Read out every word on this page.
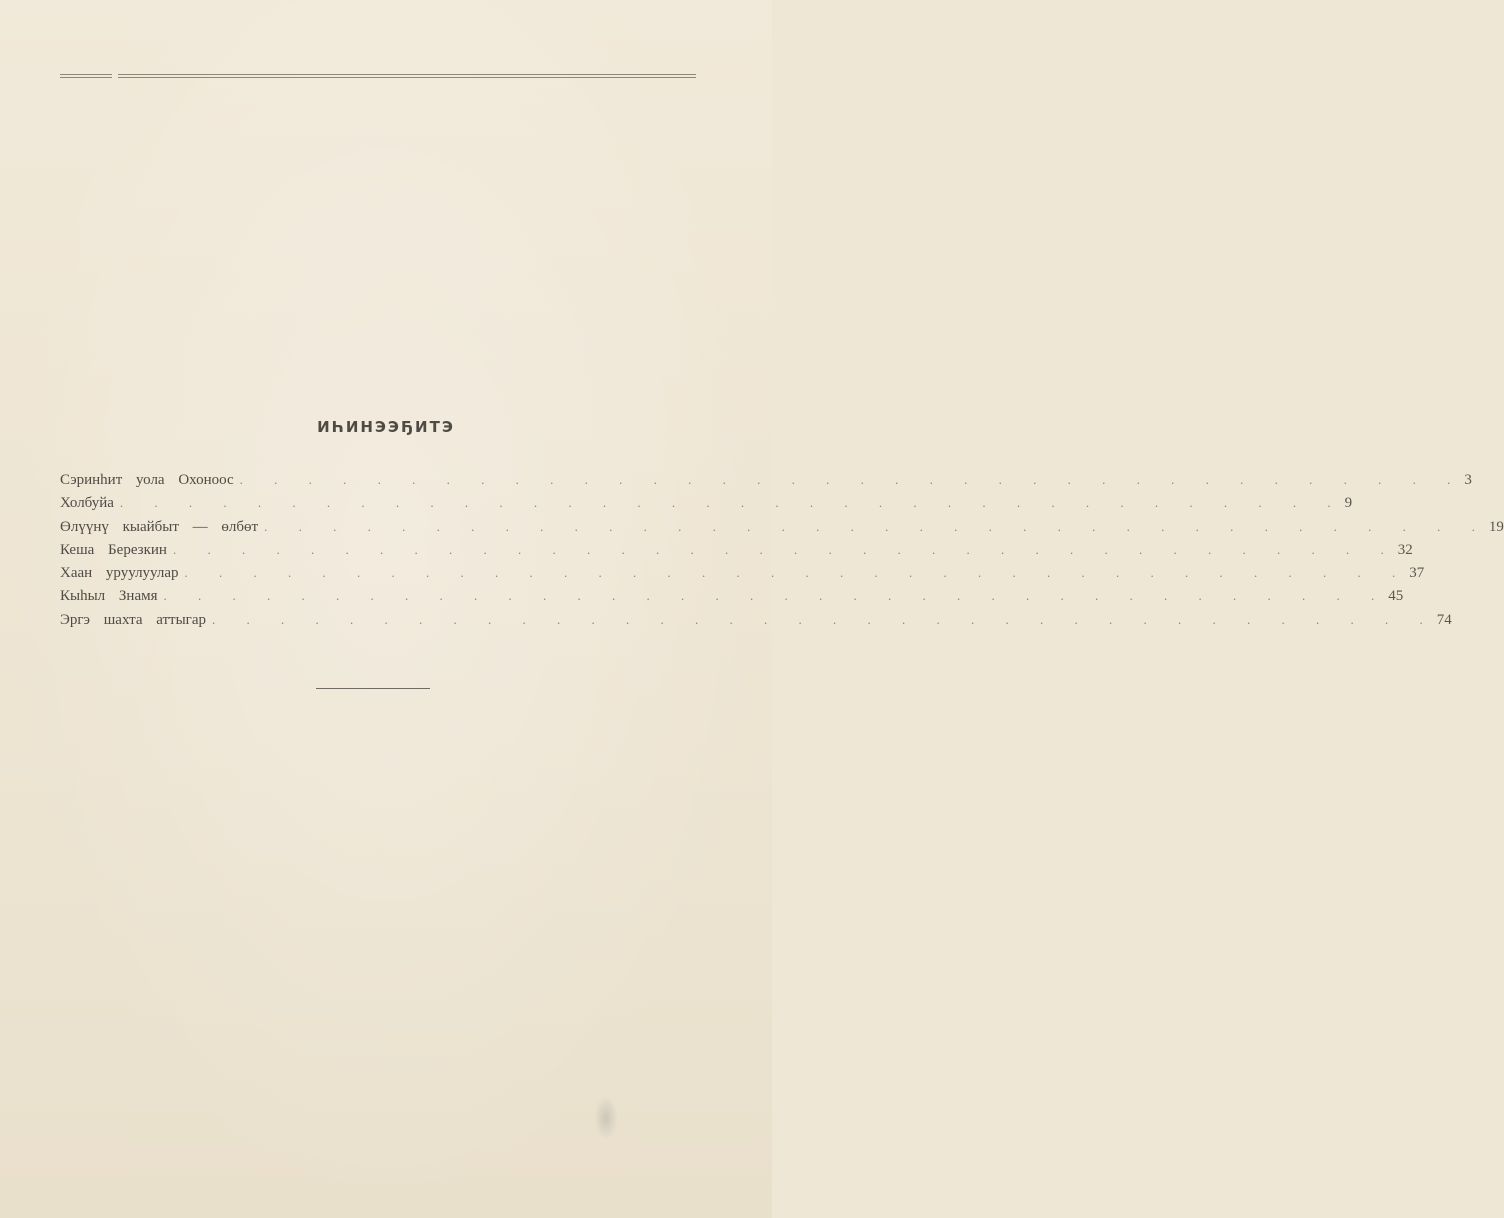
ИҺИНЭЭҔИТЭ
Сэринһит уола Охоноос . . . . . . . . . . . . . . . . . . . . . . . . . . . . . . . . . . . . 3
Холбуйа . . . . . . . . . . . . . . . . . . . . . . . . . . . . . . . . . . . . 9
Өлүүнү кыайбыт — өлбөт . . . . . . . . . . . . . . . . . . . . . . . . . . . . . . . . . . . . 19
Кеша Березкин . . . . . . . . . . . . . . . . . . . . . . . . . . . . . . . . . . . . 32
Хаан уруулуулар . . . . . . . . . . . . . . . . . . . . . . . . . . . . . . . . . . . . 37
Кыһыл Знамя . . . . . . . . . . . . . . . . . . . . . . . . . . . . . . . . . . . . 45
Эргэ шахта аттыгар . . . . . . . . . . . . . . . . . . . . . . . . . . . . . . . . . . . . 74
